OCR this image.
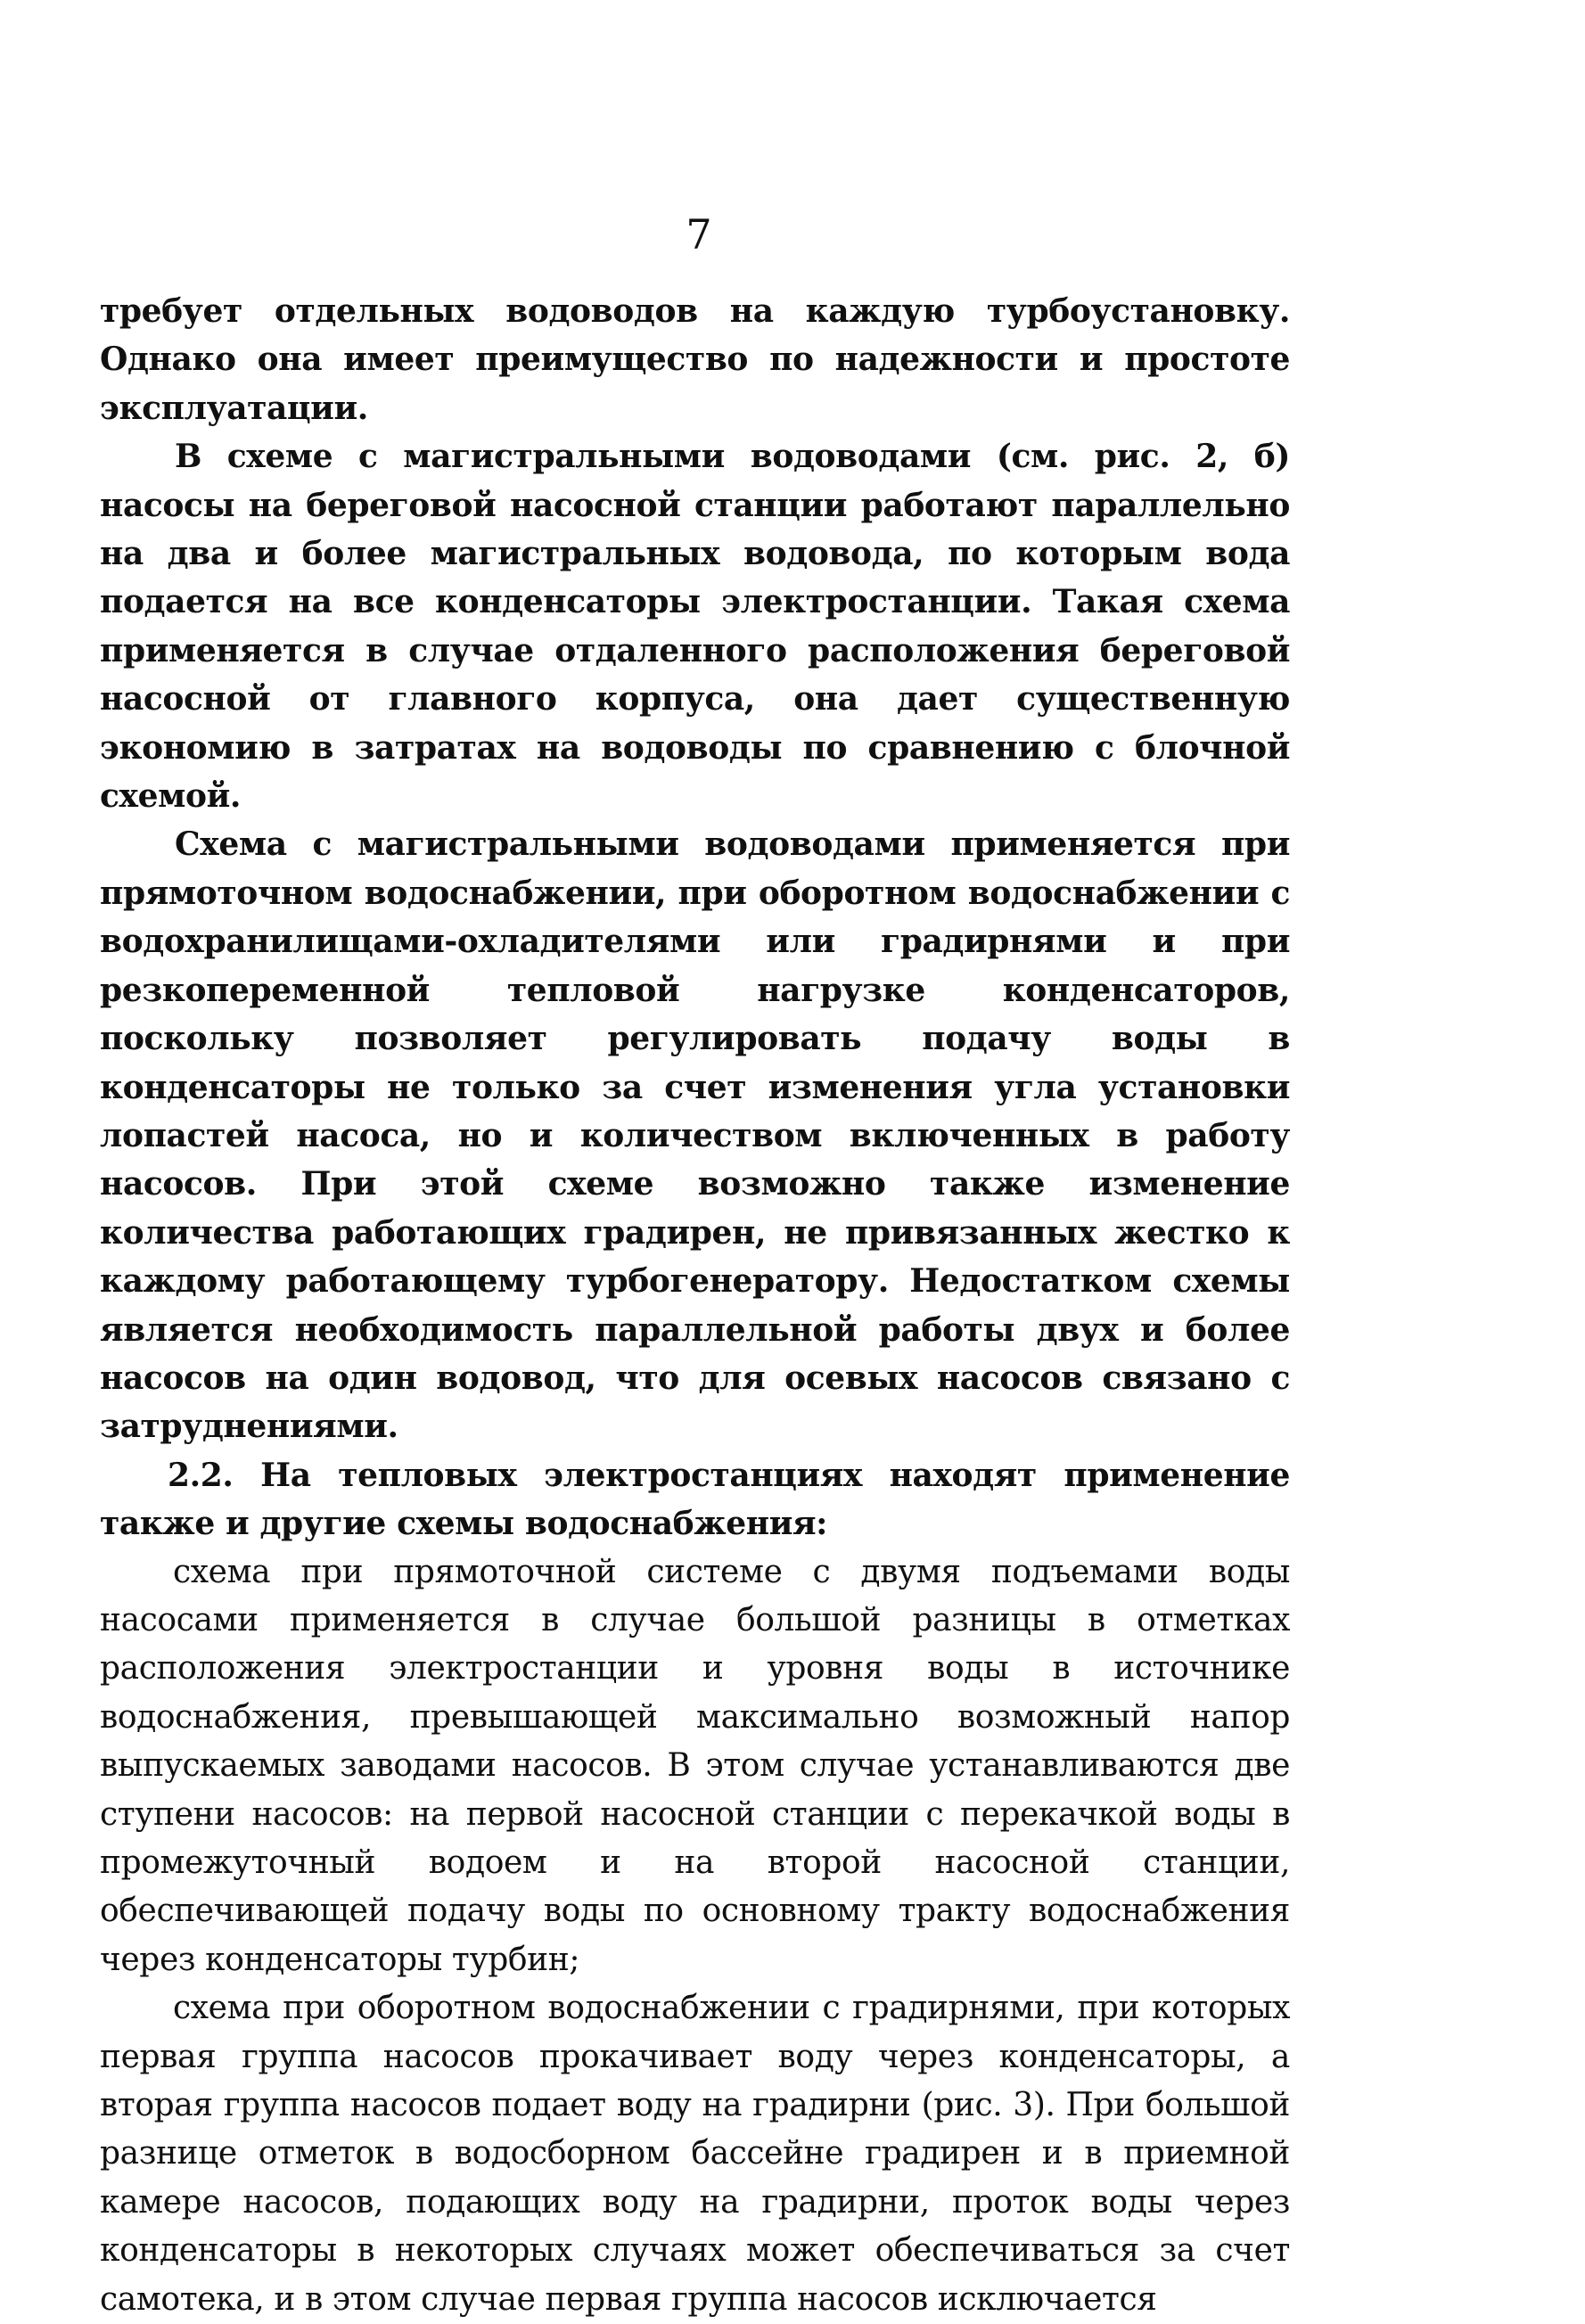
7

требует отдельных водоводов на каждую турбоустановку. Однако она имеет преимущество по надежности и простоте эксплуатации.

В схеме с магистральными водоводами (см. рис. 2, б) насосы на береговой насосной станции работают параллельно на два и более магистральных водовода, по которым вода подается на все конденсаторы электростанции. Такая схема применяется в случае отдаленного расположения береговой насосной от главного корпуса, она дает существенную экономию в затратах на водоводы по сравнению с блочной схемой.

Схема с магистральными водоводами применяется при прямоточном водоснабжении, при оборотном водоснабжении с водохранилищами-охладителями или градирнями и при резкопеременной тепловой нагрузке конденсаторов, поскольку позволяет регулировать подачу воды в конденсаторы не только за счет изменения угла установки лопастей насоса, но и количеством включенных в работу насосов. При этой схеме возможно также изменение количества работающих градирен, не привязанных жестко к каждому работающему турбогенератору. Недостатком схемы является необходимость параллельной работы двух и более насосов на один водовод, что для осевых насосов связано с затруднениями.

2.2. На тепловых электростанциях находят применение также и другие схемы водоснабжения:

схема при прямоточной системе с двумя подъемами воды насосами применяется в случае большой разницы в отметках расположения электростанции и уровня воды в источнике водоснабжения, превышающей максимально возможный напор выпускаемых заводами насосов. В этом случае устанавливаются две ступени насосов: на первой насосной станции с перекачкой воды в промежуточный водоем и на второй насосной станции, обеспечивающей подачу воды по основному тракту водоснабжения через конденсаторы турбин;

схема при оборотном водоснабжении с градирнями, при которых первая группа насосов прокачивает воду через конденсаторы, а вторая группа насосов подает воду на градирни (рис. 3). При большой разнице отметок в водосборном бассейне градирен и в приемной камере насосов, подающих воду на градирни, проток воды через конденсаторы в некоторых случаях может обеспечиваться за счет самотека, и в этом случае первая группа насосов исключается
